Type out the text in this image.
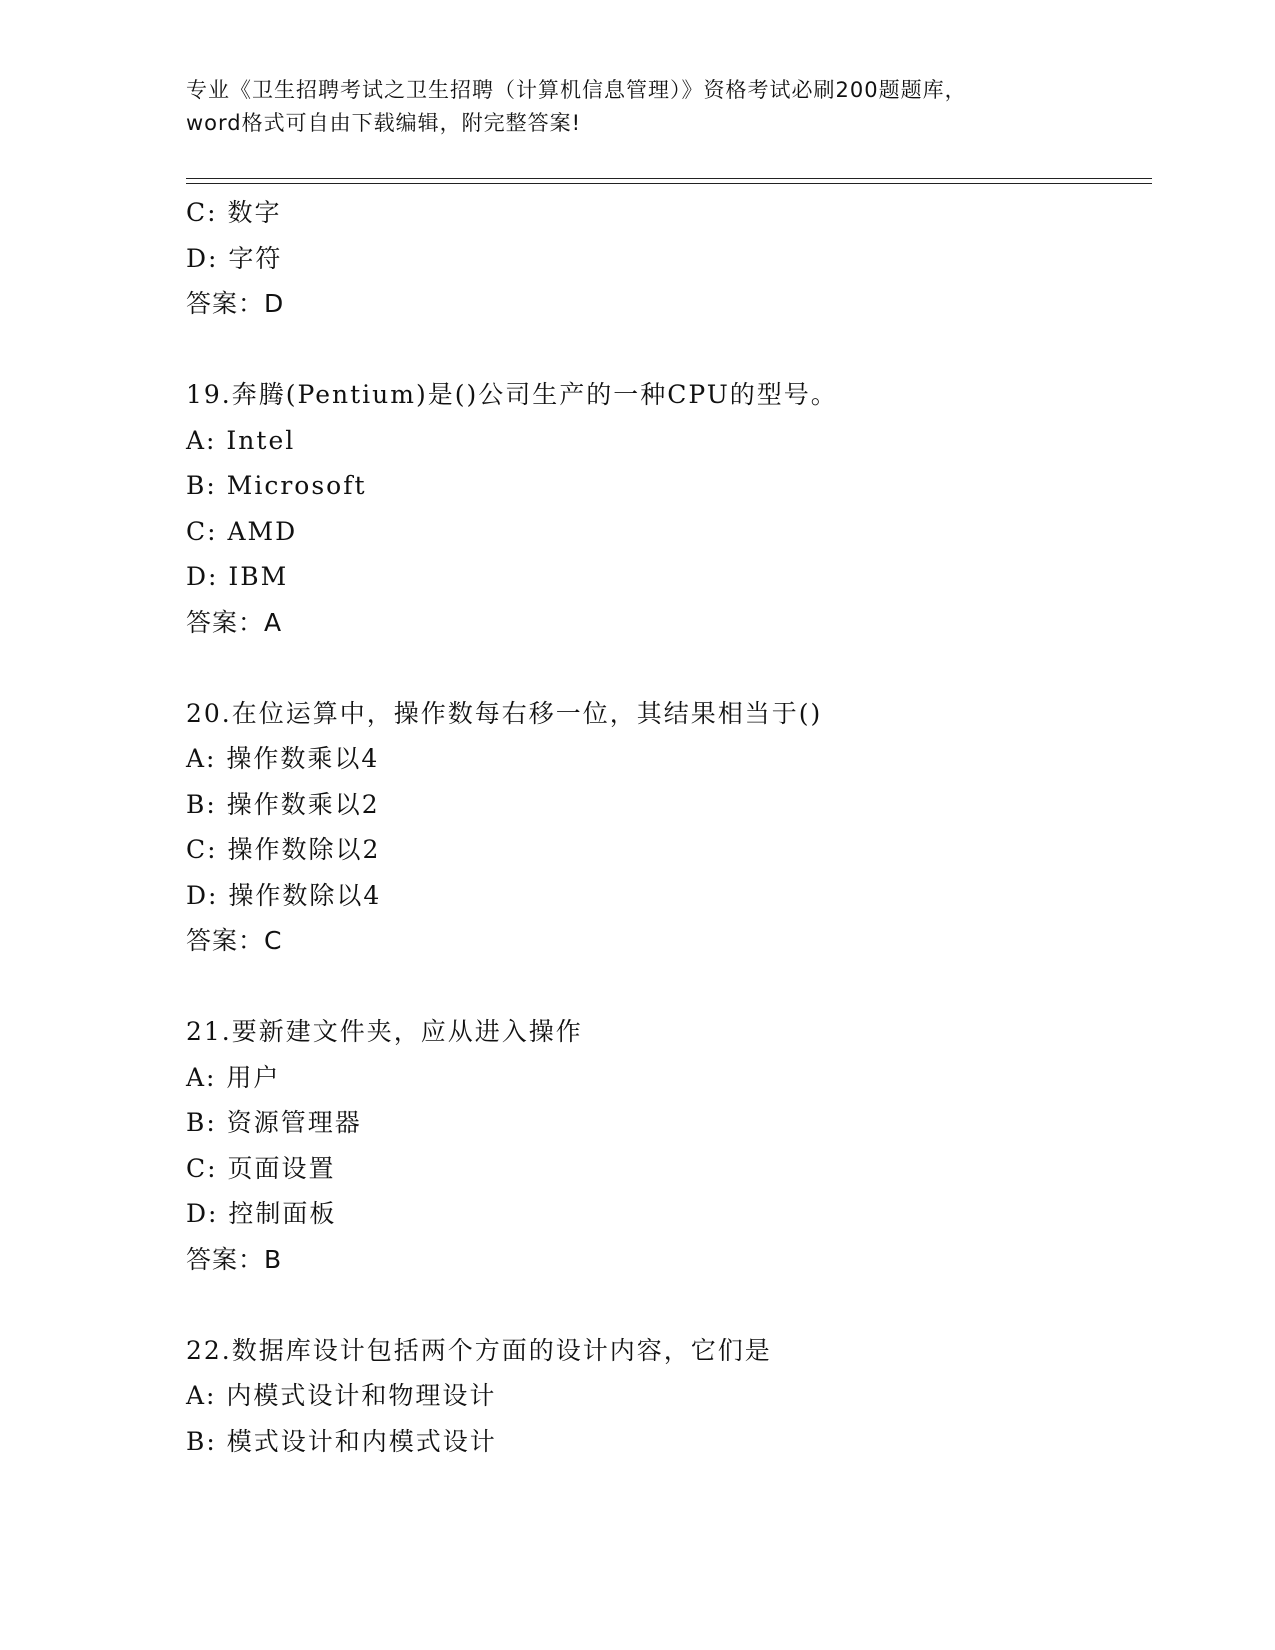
专业《卫生招聘考试之卫生招聘（计算机信息管理）》资格考试必刷200题题库，
word格式可自由下载编辑，附完整答案!
C: 数字
D: 字符
答案：D
19.奔腾(Pentium)是()公司生产的一种CPU的型号。
A: Intel
B: Microsoft
C: AMD
D: IBM
答案：A
20.在位运算中，操作数每右移一位，其结果相当于()
A: 操作数乘以4
B: 操作数乘以2
C: 操作数除以2
D: 操作数除以4
答案：C
21.要新建文件夹，应从进入操作
A: 用户
B: 资源管理器
C: 页面设置
D: 控制面板
答案：B
22.数据库设计包括两个方面的设计内容，它们是
A: 内模式设计和物理设计
B: 模式设计和内模式设计
